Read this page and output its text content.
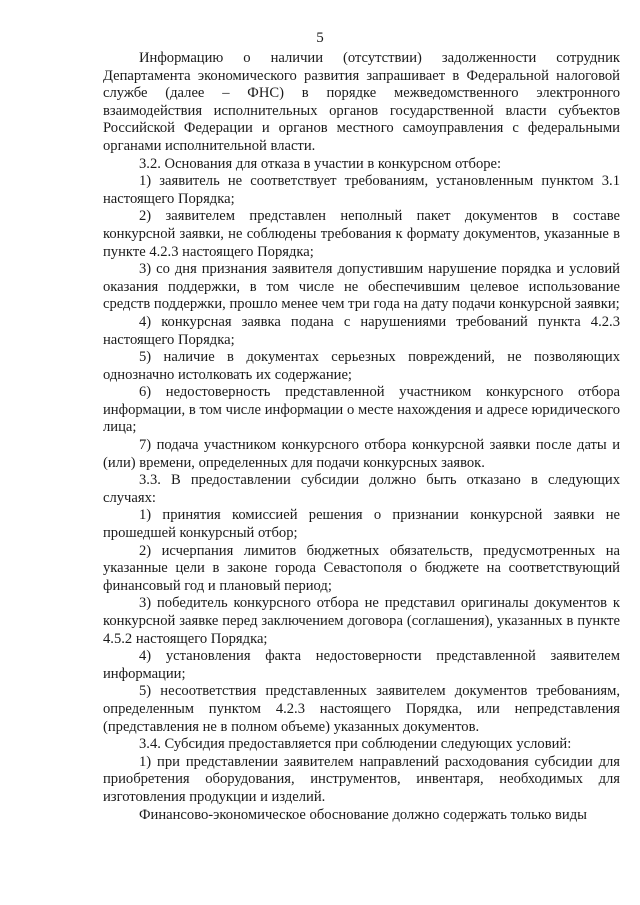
5

Информацию о наличии (отсутствии) задолженности сотрудник Департамента экономического развития запрашивает в Федеральной налоговой службе (далее – ФНС) в порядке межведомственного электронного взаимодействия исполнительных органов государственной власти субъектов Российской Федерации и органов местного самоуправления с федеральными органами исполнительной власти.

3.2. Основания для отказа в участии в конкурсном отборе:

1) заявитель не соответствует требованиям, установленным пунктом 3.1 настоящего Порядка;

2) заявителем представлен неполный пакет документов в составе конкурсной заявки, не соблюдены требования к формату документов, указанные в пункте 4.2.3 настоящего Порядка;

3) со дня признания заявителя допустившим нарушение порядка и условий оказания поддержки, в том числе не обеспечившим целевое использование средств поддержки, прошло менее чем три года на дату подачи конкурсной заявки;

4) конкурсная заявка подана с нарушениями требований пункта 4.2.3 настоящего Порядка;

5) наличие в документах серьезных повреждений, не позволяющих однозначно истолковать их содержание;

6) недостоверность представленной участником конкурсного отбора информации, в том числе информации о месте нахождения и адресе юридического лица;

7) подача участником конкурсного отбора конкурсной заявки после даты и (или) времени, определенных для подачи конкурсных заявок.

3.3. В предоставлении субсидии должно быть отказано в следующих случаях:

1) принятия комиссией решения о признании конкурсной заявки не прошедшей конкурсный отбор;

2) исчерпания лимитов бюджетных обязательств, предусмотренных на указанные цели в законе города Севастополя о бюджете на соответствующий финансовый год и плановый период;

3) победитель конкурсного отбора не представил оригиналы документов к конкурсной заявке перед заключением договора (соглашения), указанных в пункте 4.5.2 настоящего Порядка;

4) установления факта недостоверности представленной заявителем информации;

5) несоответствия представленных заявителем документов требованиям, определенным пунктом 4.2.3 настоящего Порядка, или непредставления (представления не в полном объеме) указанных документов.

3.4. Субсидия предоставляется при соблюдении следующих условий:

1) при представлении заявителем направлений расходования субсидии для приобретения оборудования, инструментов, инвентаря, необходимых для изготовления продукции и изделий.

Финансово-экономическое обоснование должно содержать только виды
